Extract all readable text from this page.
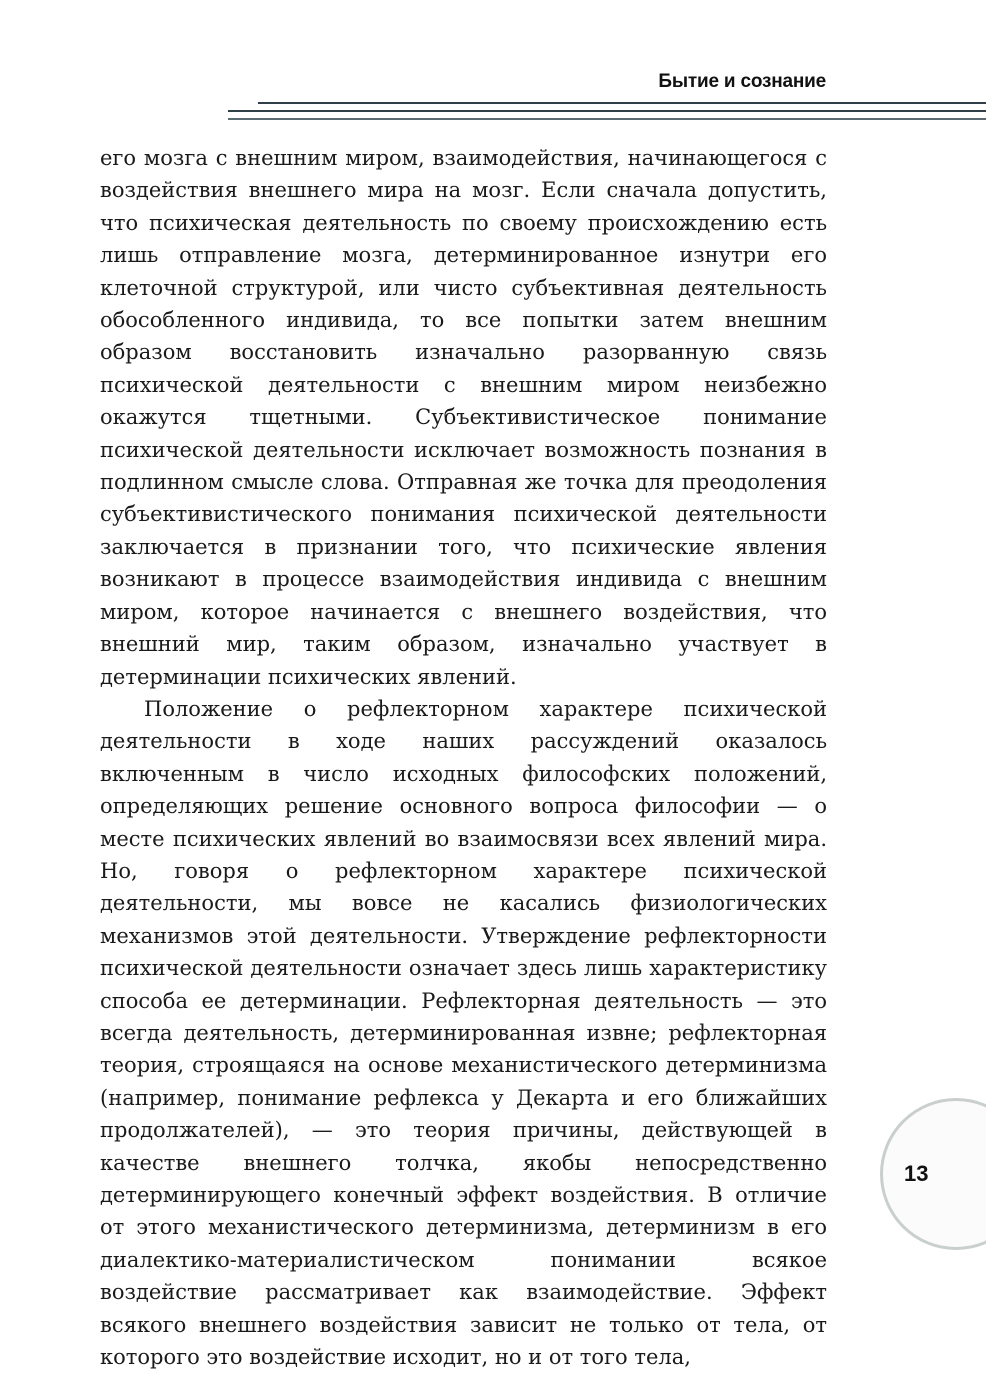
Бытие и сознание

его мозга с внешним миром, взаимодействия, начинающегося с воздействия внешнего мира на мозг. Если сначала допустить, что психическая деятельность по своему происхождению есть лишь отправление мозга, детерминированное изнутри его клеточной структурой, или чисто субъективная деятельность обособленного индивида, то все попытки затем внешним образом восстановить изначально разорванную связь психической деятельности с внешним миром неизбежно окажутся тщетными. Субъективистическое понимание психической деятельности исключает возможность познания в подлинном смысле слова. Отправная же точка для преодоления субъективистического понимания психической деятельности заключается в признании того, что психические явления возникают в процессе взаимодействия индивида с внешним миром, которое начинается с внешнего воздействия, что внешний мир, таким образом, изначально участвует в детерминации психических явлений.

Положение о рефлекторном характере психической деятельности в ходе наших рассуждений оказалось включенным в число исходных философских положений, определяющих решение основного вопроса философии — о месте психических явлений во взаимосвязи всех явлений мира. Но, говоря о рефлекторном характере психической деятельности, мы вовсе не касались физиологических механизмов этой деятельности. Утверждение рефлекторности психической деятельности означает здесь лишь характеристику способа ее детерминации. Рефлекторная деятельность — это всегда деятельность, детерминированная извне; рефлекторная теория, строящаяся на основе механистического детерминизма (например, понимание рефлекса у Декарта и его ближайших продолжателей), — это теория причины, действующей в качестве внешнего толчка, якобы непосредственно детерминирующего конечный эффект воздействия. В отличие от этого механистического детерминизма, детерминизм в его диалектико-материалистическом понимании всякое воздействие рассматривает как взаимодействие. Эффект всякого внешнего воздействия зависит не только от тела, от которого это воздействие исходит, но и от того тела,

13
